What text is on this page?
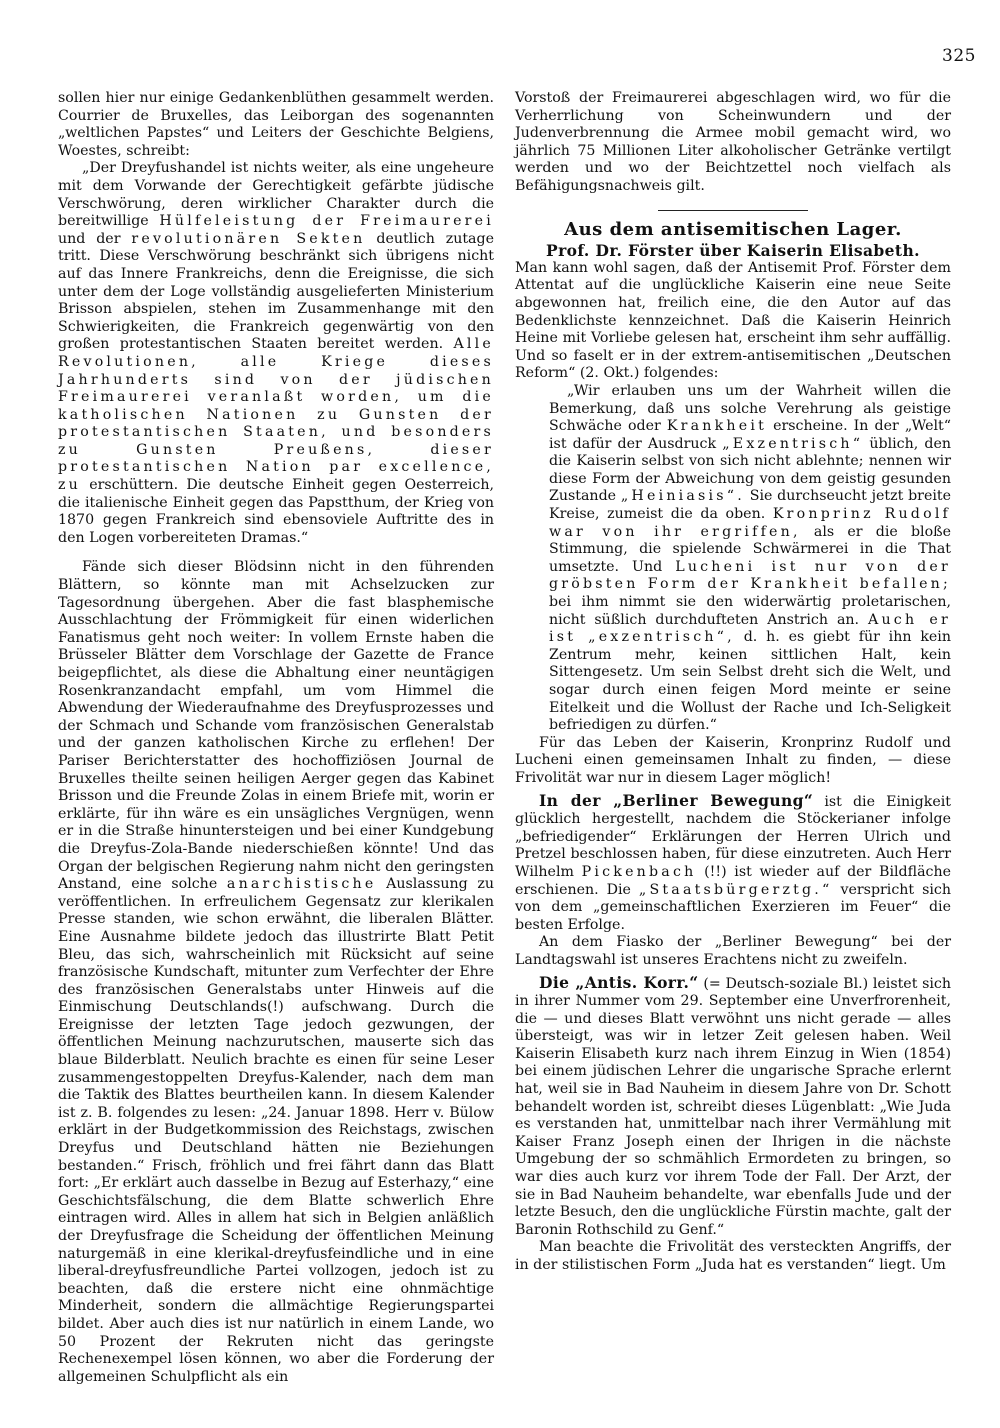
325

sollen hier nur einige Gedankenblüthen gesammelt werden. Courrier de Bruxelles, das Leiborgan des sogenannten „weltlichen Papstes“ und Leiters der Geschichte Belgiens, Woestes, schreibt:

„Der Dreyfushandel ist nichts weiter, als eine ungeheure mit dem Vorwande der Gerechtigkeit gefärbte jüdische Verschwörung, deren wirklicher Charakter durch die bereitwillige Hülfeleistung der Freimaurerei und der revolutionären Sekten deutlich zutage tritt. Diese Verschwörung beschränkt sich übrigens nicht auf das Innere Frankreichs, denn die Ereignisse, die sich unter dem der Loge vollständig ausgelieferten Ministerium Brisson abspielen, stehen im Zusammenhange mit den Schwierigkeiten, die Frankreich gegenwärtig von den großen protestantischen Staaten bereitet werden. Alle Revolutionen, alle Kriege dieses Jahrhunderts sind von der jüdischen Freimaurerei veranlaßt worden, um die katholischen Nationen zu Gunsten der protestantischen Staaten, und besonders zu Gunsten Preußens, dieser protestantischen Nation par excellence, zu erschüttern. Die deutsche Einheit gegen Oesterreich, die italienische Einheit gegen das Papstthum, der Krieg von 1870 gegen Frankreich sind ebensoviele Auftritte des in den Logen vorbereiteten Dramas.“

Fände sich dieser Blödsinn nicht in den führenden Blättern, so könnte man mit Achselzucken zur Tagesordnung übergehen. Aber die fast blasphemische Ausschlachtung der Frömmigkeit für einen widerlichen Fanatismus geht noch weiter: In vollem Ernste haben die Brüsseler Blätter dem Vorschlage der Gazette de France beigepflichtet, als diese die Abhaltung einer neuntägigen Rosenkranzandacht empfahl, um vom Himmel die Abwendung der Wiederaufnahme des Dreyfusprozesses und der Schmach und Schande vom französischen Generalstab und der ganzen katholischen Kirche zu erflehen! Der Pariser Berichterstatter des hochoffiziösen Journal de Bruxelles theilte seinen heiligen Aerger gegen das Kabinet Brisson und die Freunde Zolas in einem Briefe mit, worin er erklärte, für ihn wäre es ein unsägliches Vergnügen, wenn er in die Straße hinuntersteigen und bei einer Kundgebung die Dreyfus-Zola-Bande niederschießen könnte! Und das Organ der belgischen Regierung nahm nicht den geringsten Anstand, eine solche anarchistische Auslassung zu veröffentlichen. In erfreulichem Gegensatz zur klerikalen Presse standen, wie schon erwähnt, die liberalen Blätter. Eine Ausnahme bildete jedoch das illustrirte Blatt Petit Bleu, das sich, wahrscheinlich mit Rücksicht auf seine französische Kundschaft, mitunter zum Verfechter der Ehre des französischen Generalstabs unter Hinweis auf die Einmischung Deutschlands(!) aufschwang. Durch die Ereignisse der letzten Tage jedoch gezwungen, der öffentlichen Meinung nachzurutschen, mauserte sich das blaue Bilderblatt. Neulich brachte es einen für seine Leser zusammengestoppelten Dreyfus-Kalender, nach dem man die Taktik des Blattes beurtheilen kann. In diesem Kalender ist z. B. folgendes zu lesen: „24. Januar 1898. Herr v. Bülow erklärt in der Budgetkommission des Reichstags, zwischen Dreyfus und Deutschland hätten nie Beziehungen bestanden.“ Frisch, fröhlich und frei fährt dann das Blatt fort: „Er erklärt auch dasselbe in Bezug auf Esterhazy,“ eine Geschichtsfälschung, die dem Blatte schwerlich Ehre eintragen wird. Alles in allem hat sich in Belgien anläßlich der Dreyfusfrage die Scheidung der öffentlichen Meinung naturgemäß in eine klerikal-dreyfusfeindliche und in eine liberal-dreyfusfreundliche Partei vollzogen, jedoch ist zu beachten, daß die erstere nicht eine ohnmächtige Minderheit, sondern die allmächtige Regierungspartei bildet. Aber auch dies ist nur natürlich in einem Lande, wo 50 Prozent der Rekruten nicht das geringste Rechenexempel lösen können, wo aber die Forderung der allgemeinen Schulpflicht als ein

Vorstoß der Freimaurerei abgeschlagen wird, wo für die Verherrlichung von Scheinwundern und der Judenverbrennung die Armee mobil gemacht wird, wo jährlich 75 Millionen Liter alkoholischer Getränke vertilgt werden und wo der Beichtzettel noch vielfach als Befähigungsnachweis gilt.

Aus dem antisemitischen Lager.
Prof. Dr. Förster über Kaiserin Elisabeth.

Man kann wohl sagen, daß der Antisemit Prof. Förster dem Attentat auf die unglückliche Kaiserin eine neue Seite abgewonnen hat, freilich eine, die den Autor auf das Bedenklichste kennzeichnet. Daß die Kaiserin Heinrich Heine mit Vorliebe gelesen hat, erscheint ihm sehr auffällig. Und so faselt er in der extrem-antisemitischen „Deutschen Reform“ (2. Okt.) folgendes:

„Wir erlauben uns um der Wahrheit willen die Bemerkung, daß uns solche Verehrung als geistige Schwäche oder Krankheit erscheine. In der „Welt“ ist dafür der Ausdruck „Exzentrisch“ üblich, den die Kaiserin selbst von sich nicht ablehnte; nennen wir diese Form der Abweichung von dem geistig gesunden Zustande „Heiniasis“. Sie durchseucht jetzt breite Kreise, zumeist die da oben. Kronprinz Rudolf war von ihr ergriffen, als er die bloße Stimmung, die spielende Schwärmerei in die That umsetzte. Und Lucheni ist nur von der gröbsten Form der Krankheit befallen; bei ihm nimmt sie den widerwärtig proletarischen, nicht süßlich durchdufteten Anstrich an. Auch er ist „exzentrisch“, d. h. es giebt für ihn kein Zentrum mehr, keinen sittlichen Halt, kein Sittengesetz. Um sein Selbst dreht sich die Welt, und sogar durch einen feigen Mord meinte er seine Eitelkeit und die Wollust der Rache und Ich-Seligkeit befriedigen zu dürfen.“

Für das Leben der Kaiserin, Kronprinz Rudolf und Lucheni einen gemeinsamen Inhalt zu finden, — diese Frivolität war nur in diesem Lager möglich!

In der „Berliner Bewegung“ ist die Einigkeit glücklich hergestellt, nachdem die Stöckerianer infolge „befriedigender“ Erklärungen der Herren Ulrich und Pretzel beschlossen haben, für diese einzutreten. Auch Herr Wilhelm Pickenbach (!!) ist wieder auf der Bildfläche erschienen. Die „Staatsbürgerztg.“ verspricht sich von dem „gemeinschaftlichen Exerzieren im Feuer“ die besten Erfolge.

An dem Fiasko der „Berliner Bewegung“ bei der Landtagswahl ist unseres Erachtens nicht zu zweifeln.

Die „Antis. Korr.“ (= Deutsch-soziale Bl.) leistet sich in ihrer Nummer vom 29. September eine Unverfrorenheit, die — und dieses Blatt verwöhnt uns nicht gerade — alles übersteigt, was wir in letzer Zeit gelesen haben. Weil Kaiserin Elisabeth kurz nach ihrem Einzug in Wien (1854) bei einem jüdischen Lehrer die ungarische Sprache erlernt hat, weil sie in Bad Nauheim in diesem Jahre von Dr. Schott behandelt worden ist, schreibt dieses Lügenblatt: „Wie Juda es verstanden hat, unmittelbar nach ihrer Vermählung mit Kaiser Franz Joseph einen der Ihrigen in die nächste Umgebung der so schmählich Ermordeten zu bringen, so war dies auch kurz vor ihrem Tode der Fall. Der Arzt, der sie in Bad Nauheim behandelte, war ebenfalls Jude und der letzte Besuch, den die unglückliche Fürstin machte, galt der Baronin Rothschild zu Genf.“

Man beachte die Frivolität des versteckten Angriffs, der in der stilistischen Form „Juda hat es verstanden“ liegt. Um
